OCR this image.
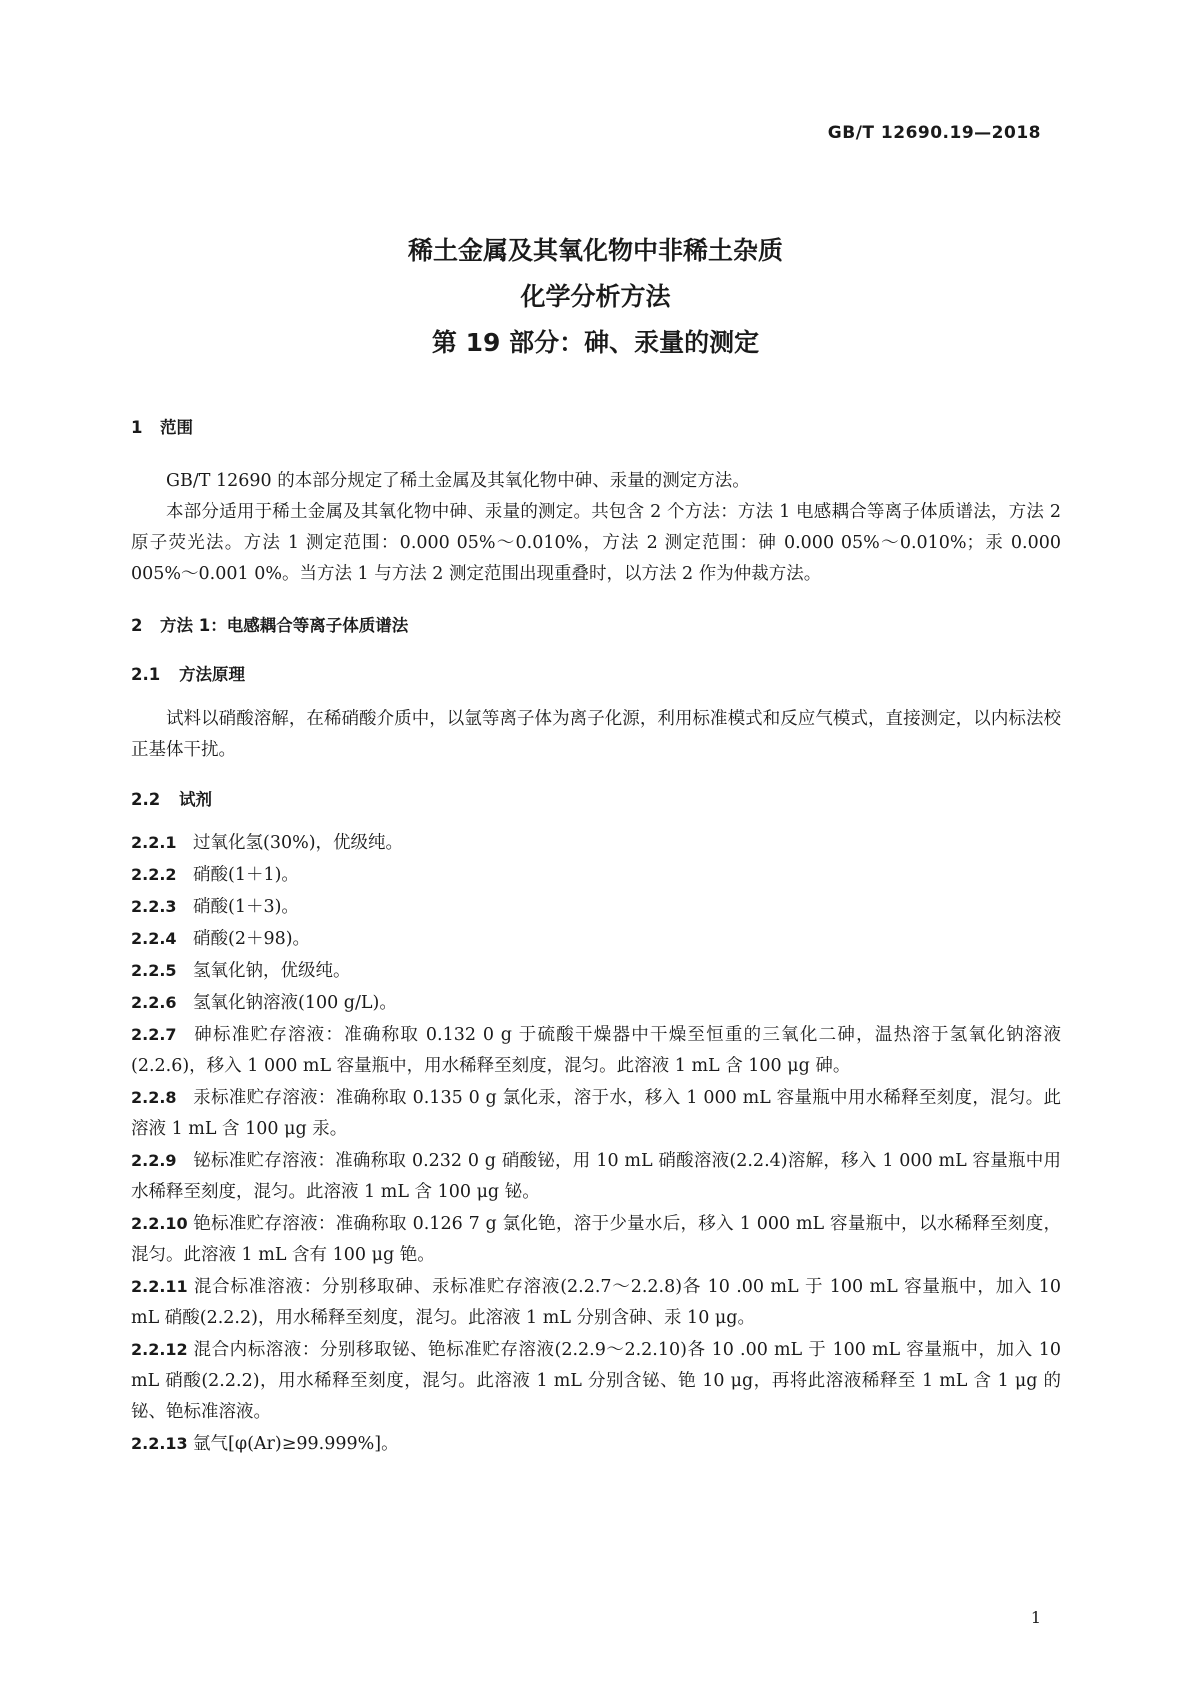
GB/T 12690.19—2018
稀土金属及其氧化物中非稀土杂质
化学分析方法
第 19 部分：砷、汞量的测定
1 范围

GB/T 12690 的本部分规定了稀土金属及其氧化物中砷、汞量的测定方法。

本部分适用于稀土金属及其氧化物中砷、汞量的测定。共包含 2 个方法：方法 1 电感耦合等离子体质谱法，方法 2 原子荧光法。方法 1 测定范围：0.000 05%～0.010%，方法 2 测定范围：砷 0.000 05%～0.010%；汞 0.000 005%～0.001 0%。当方法 1 与方法 2 测定范围出现重叠时，以方法 2 作为仲裁方法。

2 方法 1：电感耦合等离子体质谱法
2.1 方法原理

试料以硝酸溶解，在稀硝酸介质中，以氩等离子体为离子化源，利用标准模式和反应气模式，直接测定，以内标法校正基体干扰。

2.2 试剂

2.2.1 过氧化氢(30%)，优级纯。

2.2.2 硝酸(1＋1)。

2.2.3 硝酸(1＋3)。

2.2.4 硝酸(2＋98)。

2.2.5 氢氧化钠，优级纯。

2.2.6 氢氧化钠溶液(100 g/L)。

2.2.7 砷标准贮存溶液：准确称取 0.132 0 g 于硫酸干燥器中干燥至恒重的三氧化二砷，温热溶于氢氧化钠溶液(2.2.6)，移入 1 000 mL 容量瓶中，用水稀释至刻度，混匀。此溶液 1 mL 含 100 μg 砷。

2.2.8 汞标准贮存溶液：准确称取 0.135 0 g 氯化汞，溶于水，移入 1 000 mL 容量瓶中用水稀释至刻度，混匀。此溶液 1 mL 含 100 μg 汞。

2.2.9 铋标准贮存溶液：准确称取 0.232 0 g 硝酸铋，用 10 mL 硝酸溶液(2.2.4)溶解，移入 1 000 mL 容量瓶中用水稀释至刻度，混匀。此溶液 1 mL 含 100 μg 铋。

2.2.10 铯标准贮存溶液：准确称取 0.126 7 g 氯化铯，溶于少量水后，移入 1 000 mL 容量瓶中，以水稀释至刻度，混匀。此溶液 1 mL 含有 100 μg 铯。

2.2.11 混合标准溶液：分别移取砷、汞标准贮存溶液(2.2.7～2.2.8)各 10 .00 mL 于 100 mL 容量瓶中，加入 10 mL 硝酸(2.2.2)，用水稀释至刻度，混匀。此溶液 1 mL 分别含砷、汞 10 μg。

2.2.12 混合内标溶液：分别移取铋、铯标准贮存溶液(2.2.9～2.2.10)各 10 .00 mL 于 100 mL 容量瓶中，加入 10 mL 硝酸(2.2.2)，用水稀释至刻度，混匀。此溶液 1 mL 分别含铋、铯 10 μg，再将此溶液稀释至 1 mL 含 1 μg 的铋、铯标准溶液。

2.2.13 氩气[φ(Ar)≥99.999%]。

1
